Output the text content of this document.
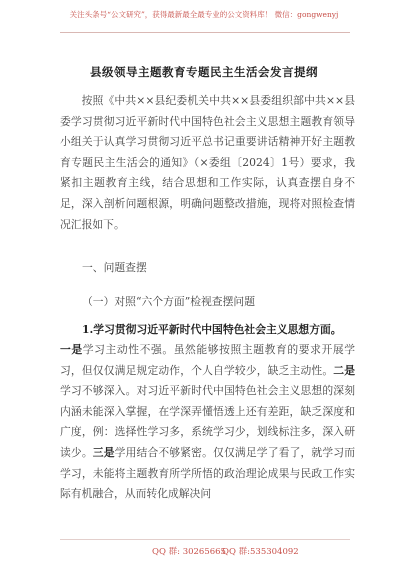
关注头条号“公文研究”，获得最新最全最专业的公文资料库！ 微信：gongwenyj
县级领导主题教育专题民主生活会发言提纲

按照《中共××县纪委机关中共××县委组织部中共××县委学习贯彻习近平新时代中国特色社会主义思想主题教育领导小组关于认真学习贯彻习近平总书记重要讲话精神开好主题教育专题民主生活会的通知》（×委组〔2024〕1号）要求，我紧扣主题教育主线，结合思想和工作实际，认真查摆自身不足，深入剖析问题根源，明确问题整改措施，现将对照检查情况汇报如下。

一、问题查摆
（一）对照“六个方面”检视查摆问题
1.学习贯彻习近平新时代中国特色社会主义思想方面。

一是学习主动性不强。虽然能够按照主题教育的要求开展学习，但仅仅满足规定动作，个人自学较少，缺乏主动性。二是学习不够深入。对习近平新时代中国特色社会主义思想的深刻内涵未能深入掌握，在学深弄懂悟透上还有差距，缺乏深度和广度，例：选择性学习多，系统学习少，划线标注多，深入研读少。三是学用结合不够紧密。仅仅满足学了看了，就学习而学习，未能将主题教育所学所悟的政治理论成果与民政工作实际有机融合，从而转化成解决问

QQ 群: 30265665
QQ 群:535304092
